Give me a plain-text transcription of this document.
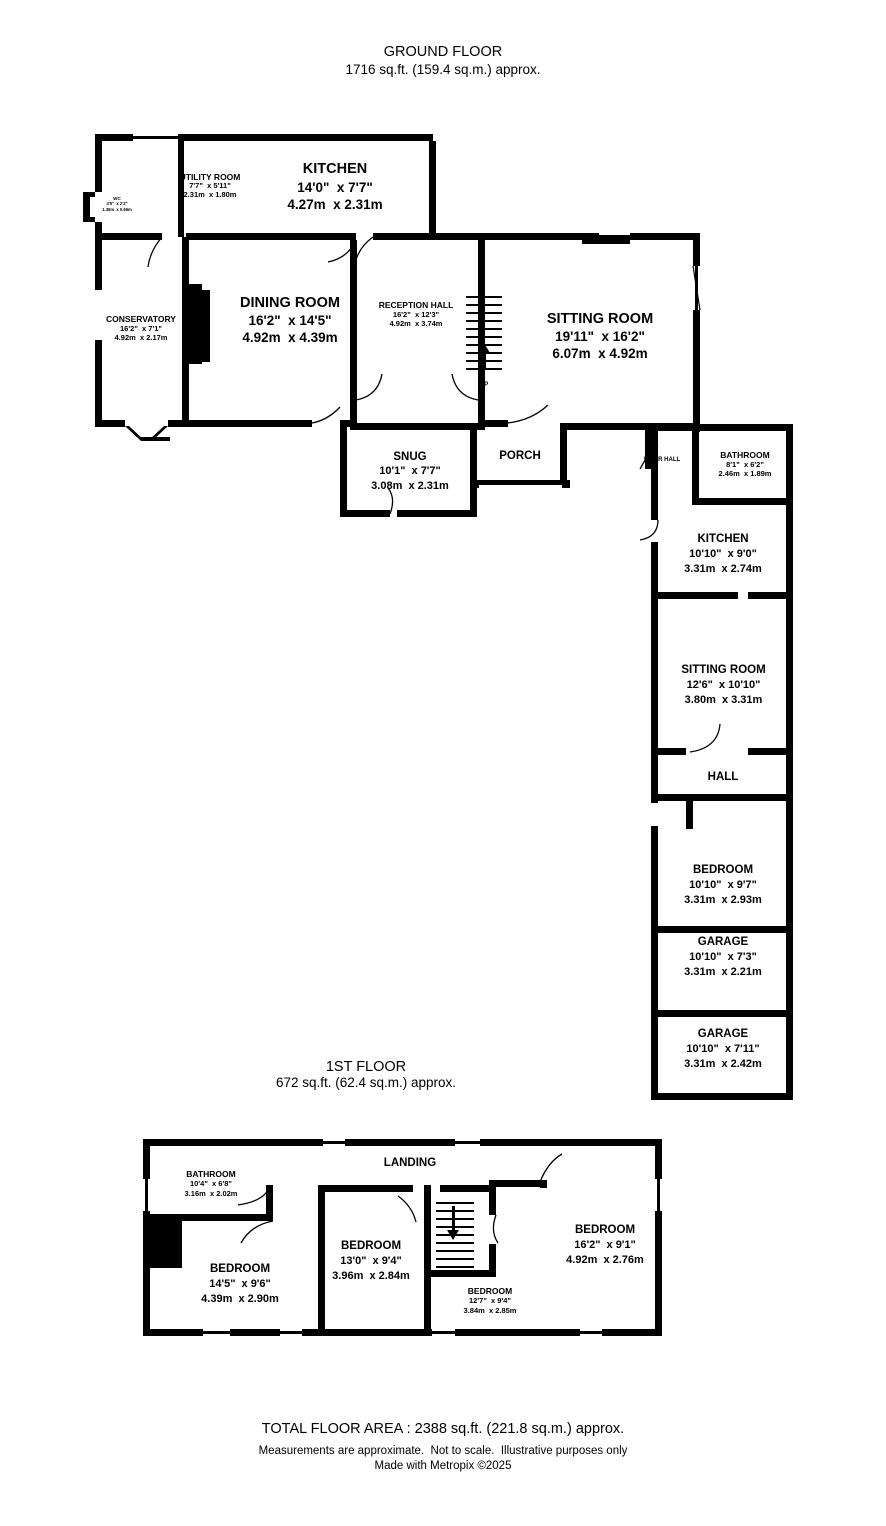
GROUND FLOOR
1716 sq.ft. (159.4 sq.m.) approx.
1ST FLOOR
672 sq.ft. (62.4 sq.m.) approx.
UTILITY ROOM
7'7"  x 5'11"
2.31m  x 1.80m
KITCHEN
14'0"  x 7'7"
4.27m  x 2.31m
WC
4'5"  x 2'2"
1.35m  x 0.66m
CONSERVATORY
16'2"  x 7'1"
4.92m  x 2.17m
DINING ROOM
16'2"  x 14'5"
4.92m  x 4.39m
RECEPTION HALL
16'2"  x 12'3"
4.92m  x 3.74m	SITTING ROOM
19'11"  x 16'2"
6.07m  x 4.92m
SNUG
10'1"  x 7'7"
3.08m  x 2.31m
PORCH	INNER HALL	BATHROOM
8'1"  x 6'2"
2.46m  x 1.89m
KITCHEN
10'10"  x 9'0"
3.31m  x 2.74m
SITTING ROOM
12'6"  x 10'10"
3.80m  x 3.31m
HALL
BEDROOM
10'10"  x 9'7"
3.31m  x 2.93m
GARAGE
10'10"  x 7'3"
3.31m  x 2.21m
GARAGE
10'10"  x 7'11"
3.31m  x 2.42m
UP
BATHROOM
10'4"  x 6'8"
3.16m  x 2.02m
LANDING
BEDROOM
14'5"  x 9'6"
4.39m  x 2.90m
BEDROOM
13'0"  x 9'4"
3.96m  x 2.84m
BEDROOM
12'7"  x 9'4"
3.84m  x 2.85m
BEDROOM
16'2"  x 9'1"
4.92m  x 2.76m
DOWN
TOTAL FLOOR AREA : 2388 sq.ft. (221.8 sq.m.) approx.
Measurements are approximate.  Not to scale.  Illustrative purposes only
Made with Metropix ©2025
